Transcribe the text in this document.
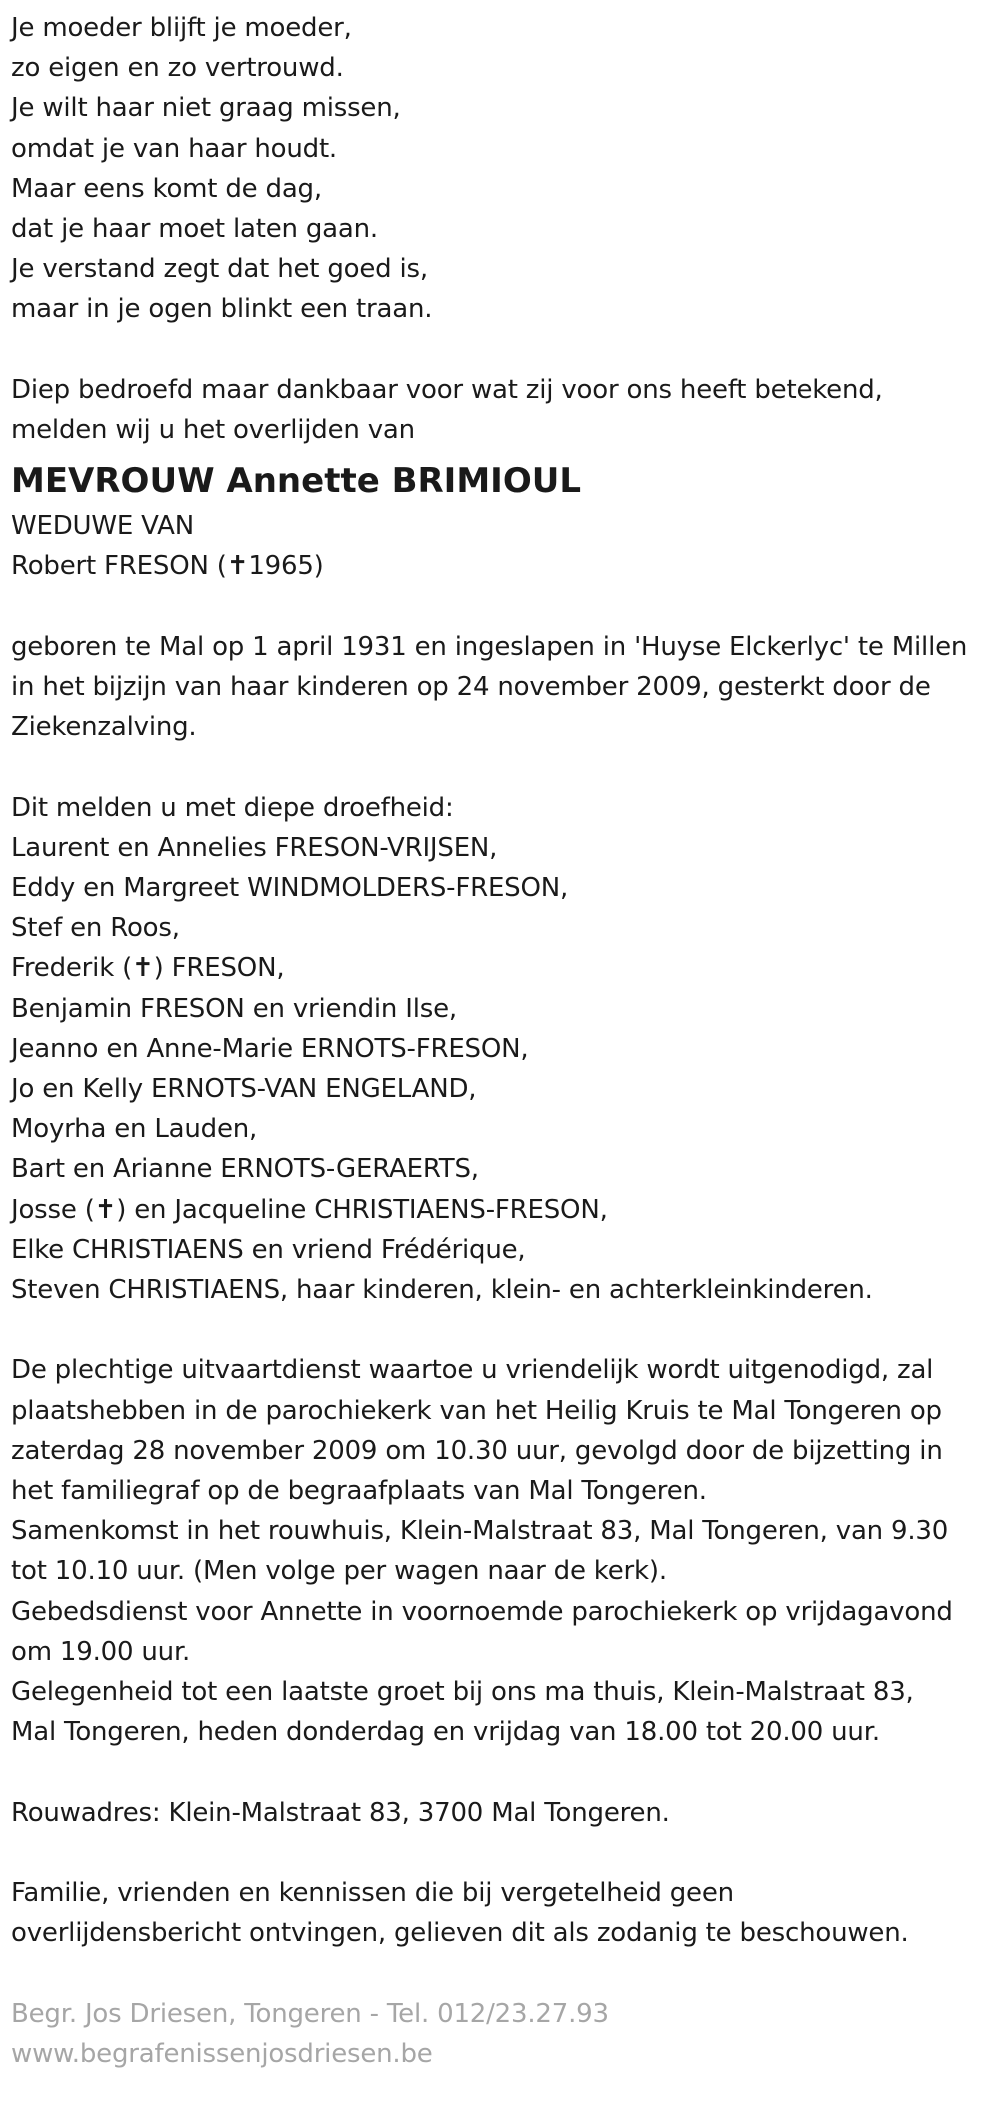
Je moeder blijft je moeder,
zo eigen en zo vertrouwd.
Je wilt haar niet graag missen,
omdat je van haar houdt.
Maar eens komt de dag,
dat je haar moet laten gaan.
Je verstand zegt dat het goed is,
maar in je ogen blinkt een traan.
Diep bedroefd maar dankbaar voor wat zij voor ons heeft betekend,
melden wij u het overlijden van
MEVROUW Annette BRIMIOUL
WEDUWE VAN
Robert FRESON (✝1965)
geboren te Mal op 1 april 1931 en ingeslapen in 'Huyse Elckerlyc' te Millen
in het bijzijn van haar kinderen op 24 november 2009, gesterkt door de
Ziekenzalving.
Dit melden u met diepe droefheid:
Laurent en Annelies FRESON-VRIJSEN,
Eddy en Margreet WINDMOLDERS-FRESON,
Stef en Roos,
Frederik (✝) FRESON,
Benjamin FRESON en vriendin Ilse,
Jeanno en Anne-Marie ERNOTS-FRESON,
Jo en Kelly ERNOTS-VAN ENGELAND,
Moyrha en Lauden,
Bart en Arianne ERNOTS-GERAERTS,
Josse (✝) en Jacqueline CHRISTIAENS-FRESON,
Elke CHRISTIAENS en vriend Frédérique,
Steven CHRISTIAENS, haar kinderen, klein- en achterkleinkinderen.
De plechtige uitvaartdienst waartoe u vriendelijk wordt uitgenodigd, zal
plaatshebben in de parochiekerk van het Heilig Kruis te Mal Tongeren op
zaterdag 28 november 2009 om 10.30 uur, gevolgd door de bijzetting in
het familiegraf op de begraafplaats van Mal Tongeren.
Samenkomst in het rouwhuis, Klein-Malstraat 83, Mal Tongeren, van 9.30
tot 10.10 uur. (Men volge per wagen naar de kerk).
Gebedsdienst voor Annette in voornoemde parochiekerk op vrijdagavond
om 19.00 uur.
Gelegenheid tot een laatste groet bij ons ma thuis, Klein-Malstraat 83,
Mal Tongeren, heden donderdag en vrijdag van 18.00 tot 20.00 uur.
Rouwadres: Klein-Malstraat 83, 3700 Mal Tongeren.
Familie, vrienden en kennissen die bij vergetelheid geen
overlijdensbericht ontvingen, gelieven dit als zodanig te beschouwen.
Begr. Jos Driesen, Tongeren - Tel. 012/23.27.93
www.begrafenissenjosdriesen.be
